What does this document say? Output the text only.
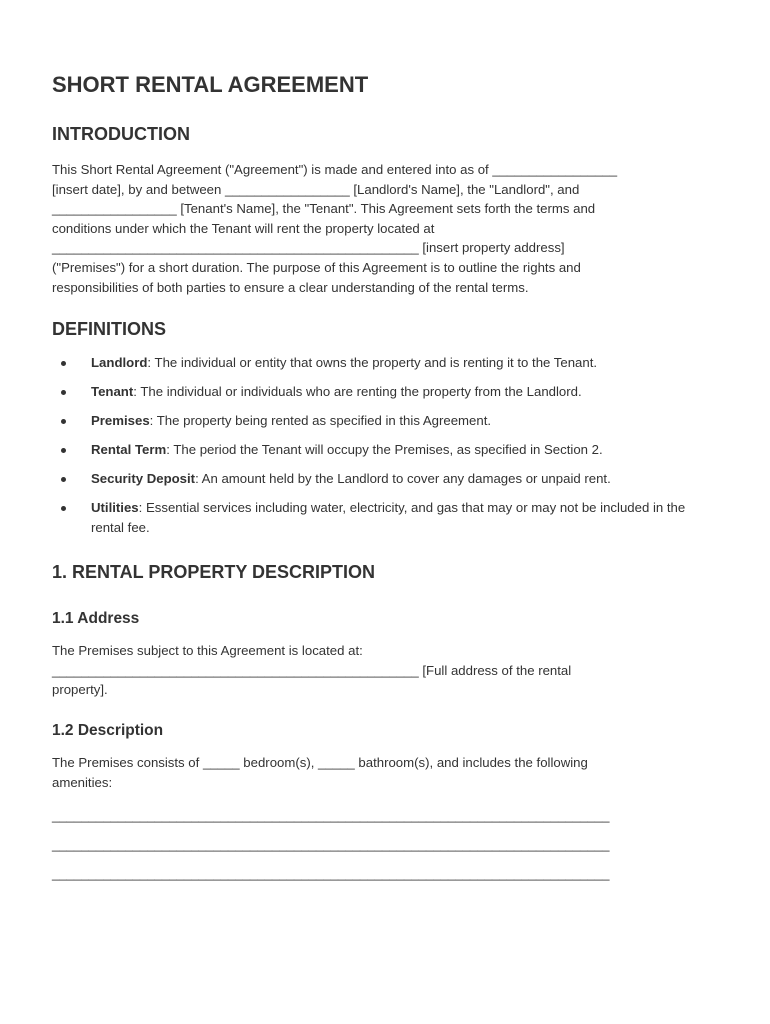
SHORT RENTAL AGREEMENT
INTRODUCTION

This Short Rental Agreement ("Agreement") is made and entered into as of _________________
[insert date], by and between _________________ [Landlord's Name], the "Landlord", and
_________________ [Tenant's Name], the "Tenant". This Agreement sets forth the terms and
conditions under which the Tenant will rent the property located at
__________________________________________________ [insert property address]
("Premises") for a short duration. The purpose of this Agreement is to outline the rights and
responsibilities of both parties to ensure a clear understanding of the rental terms.

DEFINITIONS
Landlord: The individual or entity that owns the property and is renting it to the Tenant.
Tenant: The individual or individuals who are renting the property from the Landlord.
Premises: The property being rented as specified in this Agreement.
Rental Term: The period the Tenant will occupy the Premises, as specified in Section 2.
Security Deposit: An amount held by the Landlord to cover any damages or unpaid rent.
Utilities: Essential services including water, electricity, and gas that may or may not be included in the rental fee.
1. RENTAL PROPERTY DESCRIPTION
1.1 Address

The Premises subject to this Agreement is located at:
__________________________________________________ [Full address of the rental
property].

1.2 Description

The Premises consists of _____ bedroom(s), _____ bathroom(s), and includes the following
amenities:

____________________________________________________________________________
____________________________________________________________________________
____________________________________________________________________________
